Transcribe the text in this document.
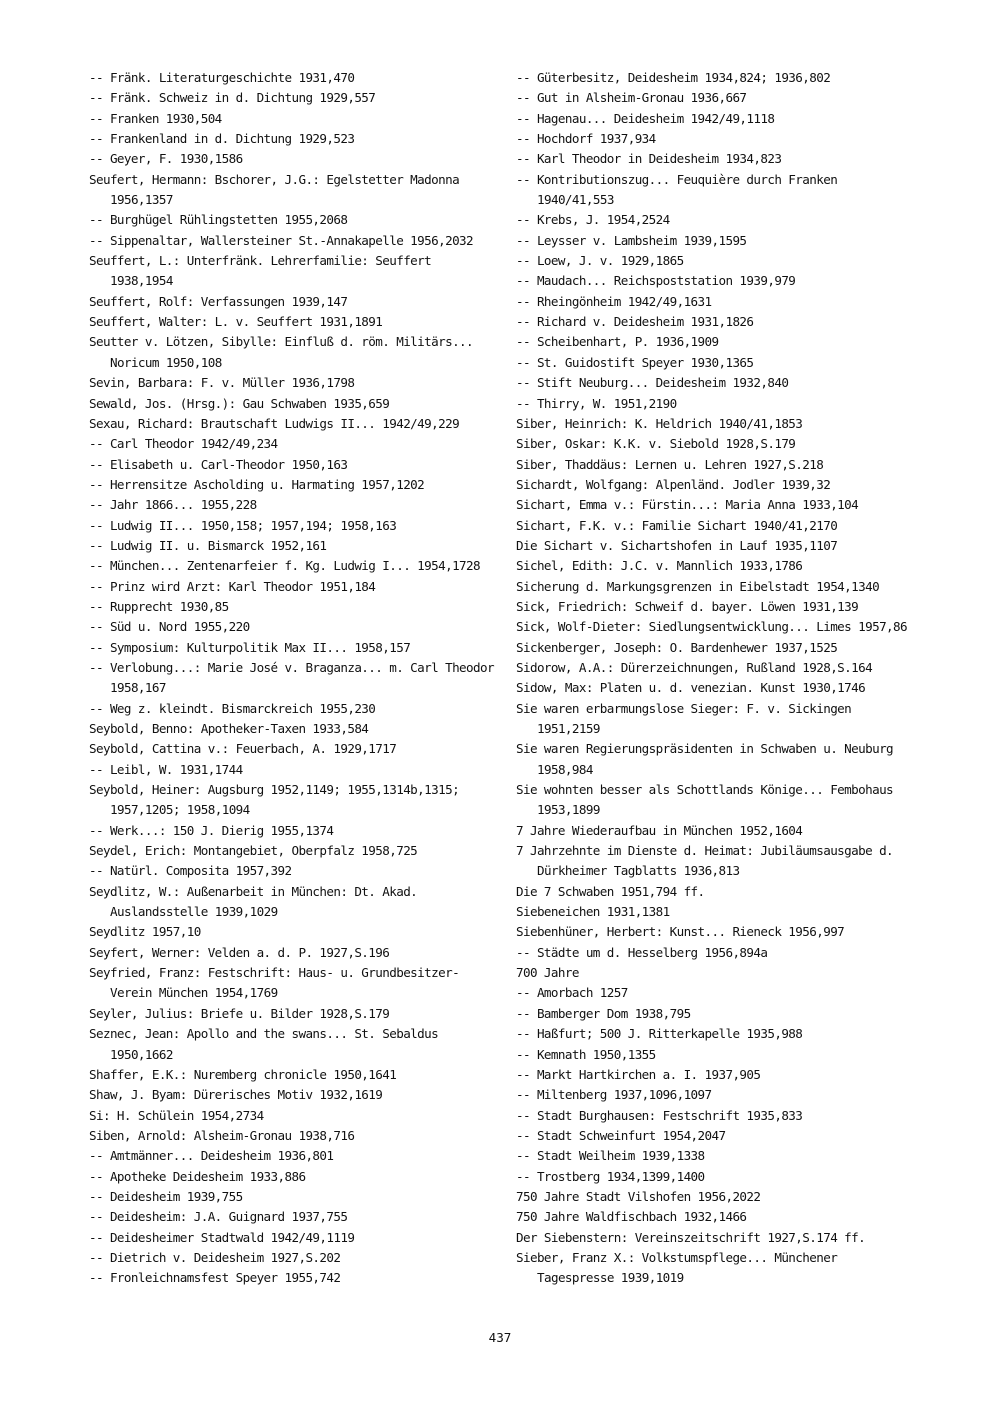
-- Fränk. Literaturgeschichte 1931,470
-- Fränk. Schweiz in d. Dichtung 1929,557
-- Franken 1930,504
-- Frankenland in d. Dichtung 1929,523
-- Geyer, F. 1930,1586
Seufert, Hermann: Bschorer, J.G.: Egelstetter Madonna 1956,1357
-- Burghügel Rühlingstetten 1955,2068
-- Sippenaltar, Wallersteiner St.-Annakapelle 1956,2032
Seuffert, L.: Unterfränk. Lehrerfamilie: Seuffert 1938,1954
Seuffert, Rolf: Verfassungen 1939,147
Seuffert, Walter: L. v. Seuffert 1931,1891
Seutter v. Lötzen, Sibylle: Einfluß d. röm. Militärs... Noricum 1950,108
Sevin, Barbara: F. v. Müller 1936,1798
Sewald, Jos. (Hrsg.): Gau Schwaben 1935,659
Sexau, Richard: Brautschaft Ludwigs II... 1942/49,229
-- Carl Theodor 1942/49,234
-- Elisabeth u. Carl-Theodor 1950,163
-- Herrensitze Ascholding u. Harmating 1957,1202
-- Jahr 1866... 1955,228
-- Ludwig II... 1950,158; 1957,194; 1958,163
-- Ludwig II. u. Bismarck 1952,161
-- München... Zentenarfeier f. Kg. Ludwig I... 1954,1728
-- Prinz wird Arzt: Karl Theodor 1951,184
-- Rupprecht 1930,85
-- Süd u. Nord 1955,220
-- Symposium: Kulturpolitik Max II... 1958,157
-- Verlobung...: Marie José v. Braganza... m. Carl Theodor 1958,167
-- Weg z. kleindt. Bismarckreich 1955,230
Seybold, Benno: Apotheker-Taxen 1933,584
Seybold, Cattina v.: Feuerbach, A. 1929,1717
-- Leibl, W. 1931,1744
Seybold, Heiner: Augsburg 1952,1149; 1955,1314b,1315; 1957,1205; 1958,1094
-- Werk...: 150 J. Dierig 1955,1374
Seydel, Erich: Montangebiet, Oberpfalz 1958,725
-- Natürl. Composita 1957,392
Seydlitz, W.: Außenarbeit in München: Dt. Akad. Auslandsstelle 1939,1029
Seydlitz 1957,10
Seyfert, Werner: Velden a. d. P. 1927,S.196
Seyfried, Franz: Festschrift: Haus- u. Grundbesitzer-Verein München 1954,1769
Seyler, Julius: Briefe u. Bilder 1928,S.179
Seznec, Jean: Apollo and the swans... St. Sebaldus 1950,1662
Shaffer, E.K.: Nuremberg chronicle 1950,1641
Shaw, J. Byam: Dürerisches Motiv 1932,1619
Si: H. Schülein 1954,2734
Siben, Arnold: Alsheim-Gronau 1938,716
-- Amtmänner... Deidesheim 1936,801
-- Apotheke Deidesheim 1933,886
-- Deidesheim 1939,755
-- Deidesheim: J.A. Guignard 1937,755
-- Deidesheimer Stadtwald 1942/49,1119
-- Dietrich v. Deidesheim 1927,S.202
-- Fronleichnamsfest Speyer 1955,742
-- Güterbesitz, Deidesheim 1934,824; 1936,802
-- Gut in Alsheim-Gronau 1936,667
-- Hagenau... Deidesheim 1942/49,1118
-- Hochdorf 1937,934
-- Karl Theodor in Deidesheim 1934,823
-- Kontributionszug... Feuquière durch Franken 1940/41,553
-- Krebs, J. 1954,2524
-- Leysser v. Lambsheim 1939,1595
-- Loew, J. v. 1929,1865
-- Maudach... Reichspoststation 1939,979
-- Rheingönheim 1942/49,1631
-- Richard v. Deidesheim 1931,1826
-- Scheibenhart, P. 1936,1909
-- St. Guidostift Speyer 1930,1365
-- Stift Neuburg... Deidesheim 1932,840
-- Thirry, W. 1951,2190
Siber, Heinrich: K. Heldrich 1940/41,1853
Siber, Oskar: K.K. v. Siebold 1928,S.179
Siber, Thaddäus: Lernen u. Lehren 1927,S.218
Sichardt, Wolfgang: Alpenländ. Jodler 1939,32
Sichart, Emma v.: Fürstin...: Maria Anna 1933,104
Sichart, F.K. v.: Familie Sichart 1940/41,2170
Die Sichart v. Sichartshofen in Lauf 1935,1107
Sichel, Edith: J.C. v. Mannlich 1933,1786
Sicherung d. Markungsgrenzen in Eibelstadt 1954,1340
Sick, Friedrich: Schweif d. bayer. Löwen 1931,139
Sick, Wolf-Dieter: Siedlungsentwicklung... Limes 1957,86
Sickenberger, Joseph: O. Bardenhewer 1937,1525
Sidorow, A.A.: Dürerzeichnungen, Rußland 1928,S.164
Sidow, Max: Platen u. d. venezian. Kunst 1930,1746
Sie waren erbarmungslose Sieger: F. v. Sickingen 1951,2159
Sie waren Regierungspräsidenten in Schwaben u. Neuburg 1958,984
Sie wohnten besser als Schottlands Könige... Fembohaus 1953,1899
7 Jahre Wiederaufbau in München 1952,1604
7 Jahrzehnte im Dienste d. Heimat: Jubiläumsausgabe d. Dürkheimer Tagblatts 1936,813
Die 7 Schwaben 1951,794 ff.
Siebeneichen 1931,1381
Siebenhüner, Herbert: Kunst... Rieneck 1956,997
-- Städte um d. Hesselberg 1956,894a
700 Jahre
-- Amorbach 1257
-- Bamberger Dom 1938,795
-- Haßfurt; 500 J. Ritterkapelle 1935,988
-- Kemnath 1950,1355
-- Markt Hartkirchen a. I. 1937,905
-- Miltenberg 1937,1096,1097
-- Stadt Burghausen: Festschrift 1935,833
-- Stadt Schweinfurt 1954,2047
-- Stadt Weilheim 1939,1338
-- Trostberg 1934,1399,1400
750 Jahre Stadt Vilshofen 1956,2022
750 Jahre Waldfischbach 1932,1466
Der Siebenstern: Vereinszeitschrift 1927,S.174 ff.
Sieber, Franz X.: Volkstumspflege... Münchener Tagespresse 1939,1019
437
